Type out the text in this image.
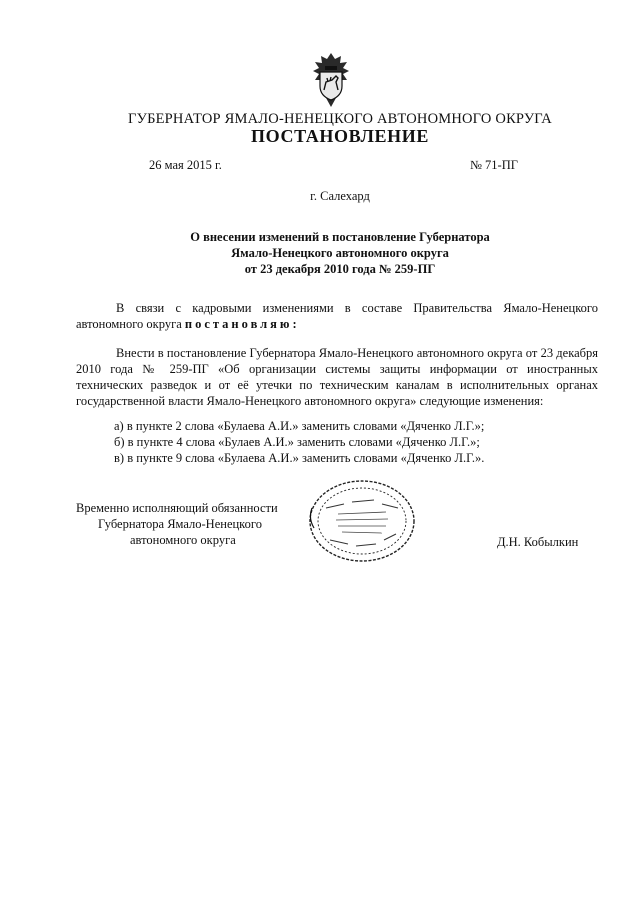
ГУБЕРНАТОР ЯМАЛО-НЕНЕЦКОГО АВТОНОМНОГО ОКРУГА
ПОСТАНОВЛЕНИЕ
26 мая 2015 г.	№ 71-ПГ
г. Салехард
О внесении изменений в постановление Губернатора
Ямало-Ненецкого автономного округа
от 23 декабря 2010 года № 259-ПГ
В связи с кадровыми изменениями в составе Правительства Ямало-Ненецкого автономного округа постановляю:
Внести в постановление Губернатора Ямало-Ненецкого автономного округа от 23 декабря 2010 года № 259-ПГ «Об организации системы защиты информации от иностранных технических разведок и от её утечки по техническим каналам в исполнительных органах государственной власти Ямало-Ненецкого автономного округа» следующие изменения:
а) в пункте 2 слова «Булаева А.И.» заменить словами «Дяченко Л.Г.»;
б) в пункте 4 слова «Булаев А.И.» заменить словами «Дяченко Л.Г.»;
в) в пункте 9 слова «Булаева А.И.» заменить словами «Дяченко Л.Г.».
Временно исполняющий обязанности
Губернатора Ямало-Ненецкого
автономного округа	Д.Н. Кобылкин
